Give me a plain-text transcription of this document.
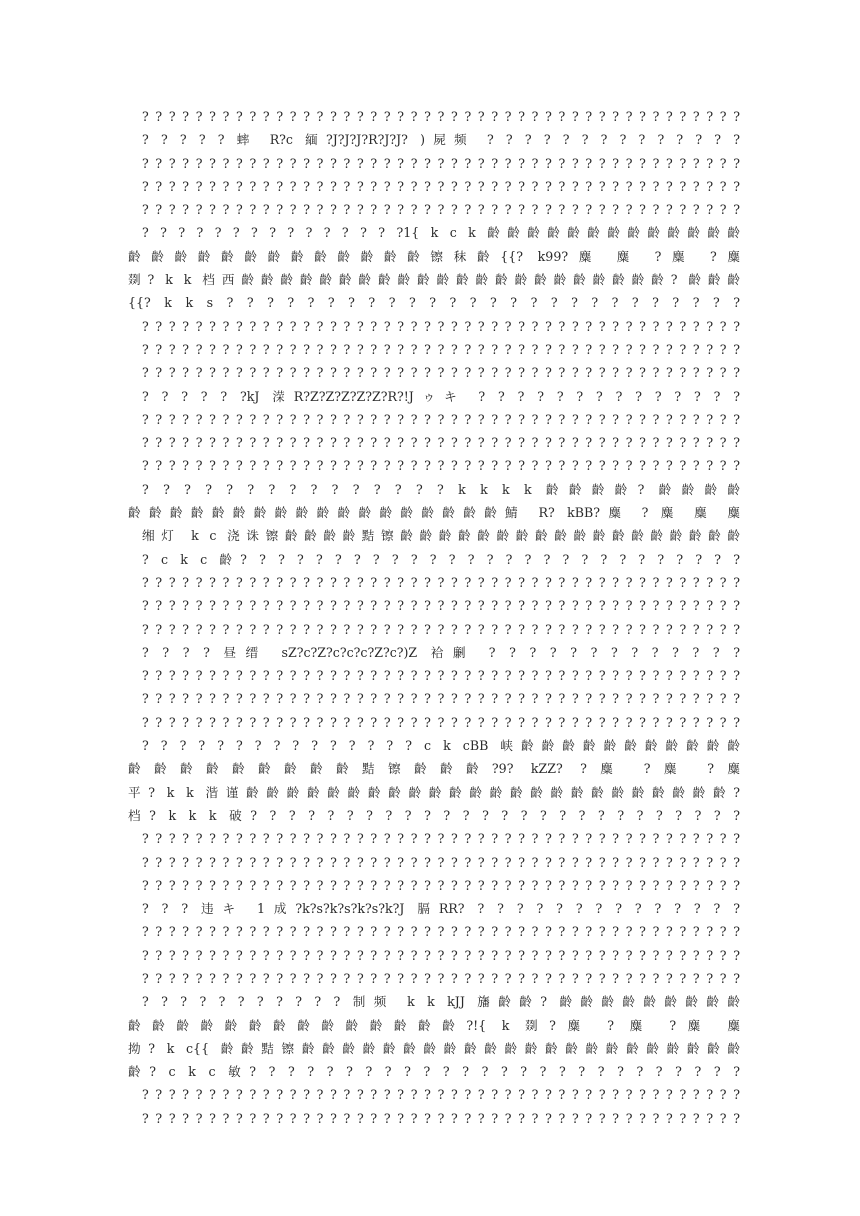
? ? ? ? ? ? ? ? ? ? ? ? ? ? ? ? ? ? ? ? ? ? ? ? ? ? ? ? ? ? ? ? ? ? ? ? ? ? ? ? ? ? ? ? ?
? ? ? ? ? 蟀 R?c 緬?J?J?J?R?J?J? )屍频 ? ? ? ? ? ? ? ? ? ? ? ? ? ?
? ? ? ? ? ? ? ? ? ? ? ? ? ? ? ? ? ? ? ? ? ? ? ? ? ? ? ? ? ? ? ? ? ? ? ? ? ? ? ? ? ? ? ? ?
? ? ? ? ? ? ? ? ? ? ? ? ? ? ? ? ? ? ? ? ? ? ? ? ? ? ? ? ? ? ? ? ? ? ? ? ? ? ? ? ? ? ? ? ?
? ? ? ? ? ? ? ? ? ? ? ? ? ? ? ? ? ? ? ? ? ? ? ? ? ? ? ? ? ? ? ? ? ? ? ? ? ? ? ? ? ? ? ? ?
? ? ? ? ? ? ? ? ? ? ? ? ? ? ?1{ k c k 齡齡齡齡齡齡齡齡齡齡齡齡齡
齡齡齡齡齡齡齡齡齡齡齡齡齡镲秣齡{{? k99?麋 麋 ?麋 ?麋
剟? k k 档西齡齡齡齡齡齡齡齡齡齡齡齡齡齡齡齡齡齡齡齡齡齡? 齡齡齡
{{? k k s ? ? ? ? ? ? ? ? ? ? ? ? ? ? ? ? ? ? ? ? ? ? ? ? ? ?
? ? ? ? ? ? ? ? ? ? ? ? ? ? ? ? ? ? ? ? ? ? ? ? ? ? ? ? ? ? ? ? ? ? ? ? ? ? ? ? ? ? ? ? ?
? ? ? ? ? ? ? ? ? ? ? ? ? ? ? ? ? ? ? ? ? ? ? ? ? ? ? ? ? ? ? ? ? ? ? ? ? ? ? ? ? ? ? ? ?
? ? ? ? ? ? ? ? ? ? ? ? ? ? ? ? ? ? ? ? ? ? ? ? ? ? ? ? ? ? ? ? ? ? ? ? ? ? ? ? ? ? ? ? ?
? ? ? ? ? ?kJ 溁R?Z?Z?Z?Z?Z?R?!Jゥキ ? ? ? ? ? ? ? ? ? ? ? ? ? ?
? ? ? ? ? ? ? ? ? ? ? ? ? ? ? ? ? ? ? ? ? ? ? ? ? ? ? ? ? ? ? ? ? ? ? ? ? ? ? ? ? ? ? ? ?
? ? ? ? ? ? ? ? ? ? ? ? ? ? ? ? ? ? ? ? ? ? ? ? ? ? ? ? ? ? ? ? ? ? ? ? ? ? ? ? ? ? ? ? ?
? ? ? ? ? ? ? ? ? ? ? ? ? ? ? ? ? ? ? ? ? ? ? ? ? ? ? ? ? ? ? ? ? ? ? ? ? ? ? ? ? ? ? ? ?
? ? ? ? ? ? ? ? ? ? ? ? ? ? ? k k k k 齡齡齡齡? 齡齡齡齡
齡齡齡齡齡齡齡齡齡齡齡齡齡齡齡齡齡齡鯖 R? kBB?麋 ? 麋 麋 麋
缃灯 k c 浇诛镲齡齡齡齡黠镲齡齡齡齡齡齡齡齡齡齡齡齡齡齡齡齡齡齡
? c k c 齡? ? ? ? ? ? ? ? ? ? ? ? ? ? ? ? ? ? ? ? ? ? ? ? ? ? ?
? ? ? ? ? ? ? ? ? ? ? ? ? ? ? ? ? ? ? ? ? ? ? ? ? ? ? ? ? ? ? ? ? ? ? ? ? ? ? ? ? ? ? ? ?
? ? ? ? ? ? ? ? ? ? ? ? ? ? ? ? ? ? ? ? ? ? ? ? ? ? ? ? ? ? ? ? ? ? ? ? ? ? ? ? ? ? ? ? ?
? ? ? ? ? ? ? ? ? ? ? ? ? ? ? ? ? ? ? ? ? ? ? ? ? ? ? ? ? ? ? ? ? ? ? ? ? ? ? ? ? ? ? ? ?
? ? ? ? 昼缙 sZ?c?Z?c?c?c?Z?c?)Z 袷劆 ? ? ? ? ? ? ? ? ? ? ? ? ?
? ? ? ? ? ? ? ? ? ? ? ? ? ? ? ? ? ? ? ? ? ? ? ? ? ? ? ? ? ? ? ? ? ? ? ? ? ? ? ? ? ? ? ? ?
? ? ? ? ? ? ? ? ? ? ? ? ? ? ? ? ? ? ? ? ? ? ? ? ? ? ? ? ? ? ? ? ? ? ? ? ? ? ? ? ? ? ? ? ?
? ? ? ? ? ? ? ? ? ? ? ? ? ? ? ? ? ? ? ? ? ? ? ? ? ? ? ? ? ? ? ? ? ? ? ? ? ? ? ? ? ? ? ? ?
? ? ? ? ? ? ? ? ? ? ? ? ? ? ? c k cBB 峡齡齡齡齡齡齡齡齡齡齡齡
齡齡齡齡齡齡齡齡齡黠镲齡齡齡?9? kZZ? ?麋 ?麋 ?麋
平? k k 湝谨齡齡齡齡齡齡齡齡齡齡齡齡齡齡齡齡齡齡齡齡齡齡齡齡?
档? k k k 破? ? ? ? ? ? ? ? ? ? ? ? ? ? ? ? ? ? ? ? ? ? ? ? ? ?
? ? ? ? ? ? ? ? ? ? ? ? ? ? ? ? ? ? ? ? ? ? ? ? ? ? ? ? ? ? ? ? ? ? ? ? ? ? ? ? ? ? ? ? ?
? ? ? ? ? ? ? ? ? ? ? ? ? ? ? ? ? ? ? ? ? ? ? ? ? ? ? ? ? ? ? ? ? ? ? ? ? ? ? ? ? ? ? ? ?
? ? ? ? ? ? ? ? ? ? ? ? ? ? ? ? ? ? ? ? ? ? ? ? ? ? ? ? ? ? ? ? ? ? ? ? ? ? ? ? ? ? ? ? ?
? ? ? 违キ 1成?k?s?k?s?k?s?k?J 膈RR? ? ? ? ? ? ? ? ? ? ? ? ? ? ?
? ? ? ? ? ? ? ? ? ? ? ? ? ? ? ? ? ? ? ? ? ? ? ? ? ? ? ? ? ? ? ? ? ? ? ? ? ? ? ? ? ? ? ? ?
? ? ? ? ? ? ? ? ? ? ? ? ? ? ? ? ? ? ? ? ? ? ? ? ? ? ? ? ? ? ? ? ? ? ? ? ? ? ? ? ? ? ? ? ?
? ? ? ? ? ? ? ? ? ? ? ? ? ? ? ? ? ? ? ? ? ? ? ? ? ? ? ? ? ? ? ? ? ? ? ? ? ? ? ? ? ? ? ? ?
? ? ? ? ? ? ? ? ? ? ? 制频 k k kJJ 旛齡齡? 齡齡齡齡齡齡齡齡齡
齡齡齡齡齡齡齡齡齡齡齡齡齡齡?!{ k 剟?麋 ? 麋 ?麋 麋
拗? k c{{ 齡齡黠镲齡齡齡齡齡齡齡齡齡齡齡齡齡齡齡齡齡齡齡齡齡齡
齡? c k c 敏? ? ? ? ? ? ? ? ? ? ? ? ? ? ? ? ? ? ? ? ? ? ? ? ? ?
? ? ? ? ? ? ? ? ? ? ? ? ? ? ? ? ? ? ? ? ? ? ? ? ? ? ? ? ? ? ? ? ? ? ? ? ? ? ? ? ? ? ? ? ?
? ? ? ? ? ? ? ? ? ? ? ? ? ? ? ? ? ? ? ? ? ? ? ? ? ? ? ? ? ? ? ? ? ? ? ? ? ? ? ? ? ? ? ? ?
